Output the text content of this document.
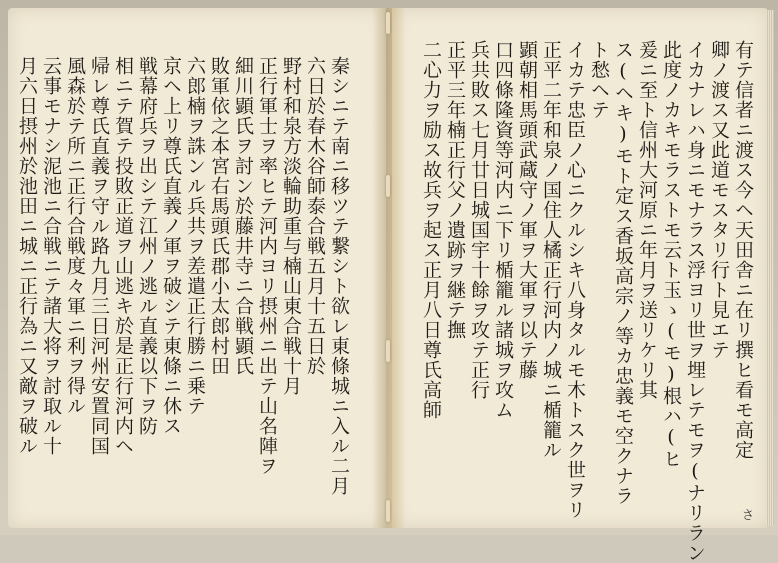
秦シニテ南ニ移ツテ繋シト欲レ東條城ニ入ル二月
六日於春木谷師泰合戦五月十五日於
野村和泉方淡輪助重与楠山東合戦十月
正行軍士ヲ率ヒテ河内ヨリ摂州ニ出テ山名陣ヲ
細川顕氏ヲ討ン於藤井寺ニ合戦顕氏
敗軍依之本宮右馬頭氏郡小太郎村田
六郎楠ヲ誅ンル兵共ヲ差遣正行勝ニ乗テ
京ヘ上リ尊氏直義ノ軍ヲ破シテ東條ニ休ス
戦幕府兵ヲ出シテ江州ノ逃ル直義以下ヲ防
相ニテ賀テ投敗正道ヲ山逃キ於是正行河内ヘ
帰レ尊氏直義ヲ守ル路九月三日河州安置同国
風森於テ所ニ正行合戦度々軍ニ利ヲ得ル
云事モナシ泥池ニ合戦ニテ諸大将ヲ討取ル十
月六日摂州於池田ニ城ニ正行為ニ又敵ヲ破ル	有テ信者ニ渡ス今ヘ天田舎ニ在リ撰ヒ看モ高定
卿ノ渡ス又此道モスタリ行ト見エテ
イカナレハ身ニモナラス浮ヨリ世ヲ埋レテモヲ(ナリラン
此度ノカキモラストモ云ト玉ゝ(モ)根ハ(ヒ
爰ニ至ト信州大河原ニ年月ヲ送リケリ其
ス(ヘキ)モト定ス香坂高宗ノ等カ忠義モ空クナラ
ト愁ヘテ
イカテ忠臣ノ心ニクルシキ八身タルモ木トスク世ヲリ
正平二年和泉ノ国住人橘正行河内ノ城ニ楯籠ル
顕朝相馬頭武蔵守ノ軍ヲ大軍ヲ以テ藤
口四條隆資等河内ニ下リ楯籠ル諸城ヲ攻ム
兵共敗ス七月廿日城国宇十餘ヲ攻テ正行
正平三年楠正行父ノ遺跡ヲ継テ撫
二心力ヲ励ス故兵ヲ起ス正月八日尊氏高師
さ
